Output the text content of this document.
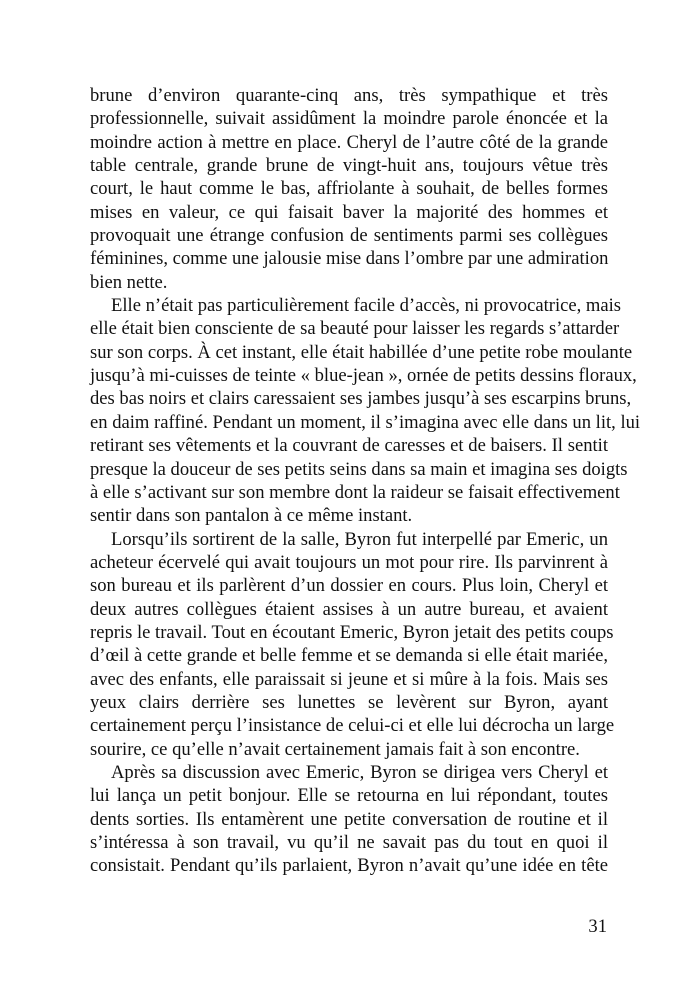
brune d’environ quarante-cinq ans, très sympathique et très
professionnelle, suivait assidûment la moindre parole énoncée et la
moindre action à mettre en place. Cheryl de l’autre côté de la grande
table centrale, grande brune de vingt-huit ans, toujours vêtue très
court, le haut comme le bas, affriolante à souhait, de belles formes
mises en valeur, ce qui faisait baver la majorité des hommes et
provoquait une étrange confusion de sentiments parmi ses collègues
féminines, comme une jalousie mise dans l’ombre par une admiration
bien nette.
Elle n’était pas particulièrement facile d’accès, ni provocatrice, mais
elle était bien consciente de sa beauté pour laisser les regards s’attarder
sur son corps. À cet instant, elle était habillée d’une petite robe moulante
jusqu’à mi-cuisses de teinte « blue-jean », ornée de petits dessins floraux,
des bas noirs et clairs caressaient ses jambes jusqu’à ses escarpins bruns,
en daim raffiné. Pendant un moment, il s’imagina avec elle dans un lit, lui
retirant ses vêtements et la couvrant de caresses et de baisers. Il sentit
presque la douceur de ses petits seins dans sa main et imagina ses doigts
à elle s’activant sur son membre dont la raideur se faisait effectivement
sentir dans son pantalon à ce même instant.
Lorsqu’ils sortirent de la salle, Byron fut interpellé par Emeric, un
acheteur écervelé qui avait toujours un mot pour rire. Ils parvinrent à
son bureau et ils parlèrent d’un dossier en cours. Plus loin, Cheryl et
deux autres collègues étaient assises à un autre bureau, et avaient
repris le travail. Tout en écoutant Emeric, Byron jetait des petits coups
d’œil à cette grande et belle femme et se demanda si elle était mariée,
avec des enfants, elle paraissait si jeune et si mûre à la fois. Mais ses
yeux clairs derrière ses lunettes se levèrent sur Byron, ayant
certainement perçu l’insistance de celui-ci et elle lui décrocha un large
sourire, ce qu’elle n’avait certainement jamais fait à son encontre.
Après sa discussion avec Emeric, Byron se dirigea vers Cheryl et
lui lança un petit bonjour. Elle se retourna en lui répondant, toutes
dents sorties. Ils entamèrent une petite conversation de routine et il
s’intéressa à son travail, vu qu’il ne savait pas du tout en quoi il
consistait. Pendant qu’ils parlaient, Byron n’avait qu’une idée en tête
31
